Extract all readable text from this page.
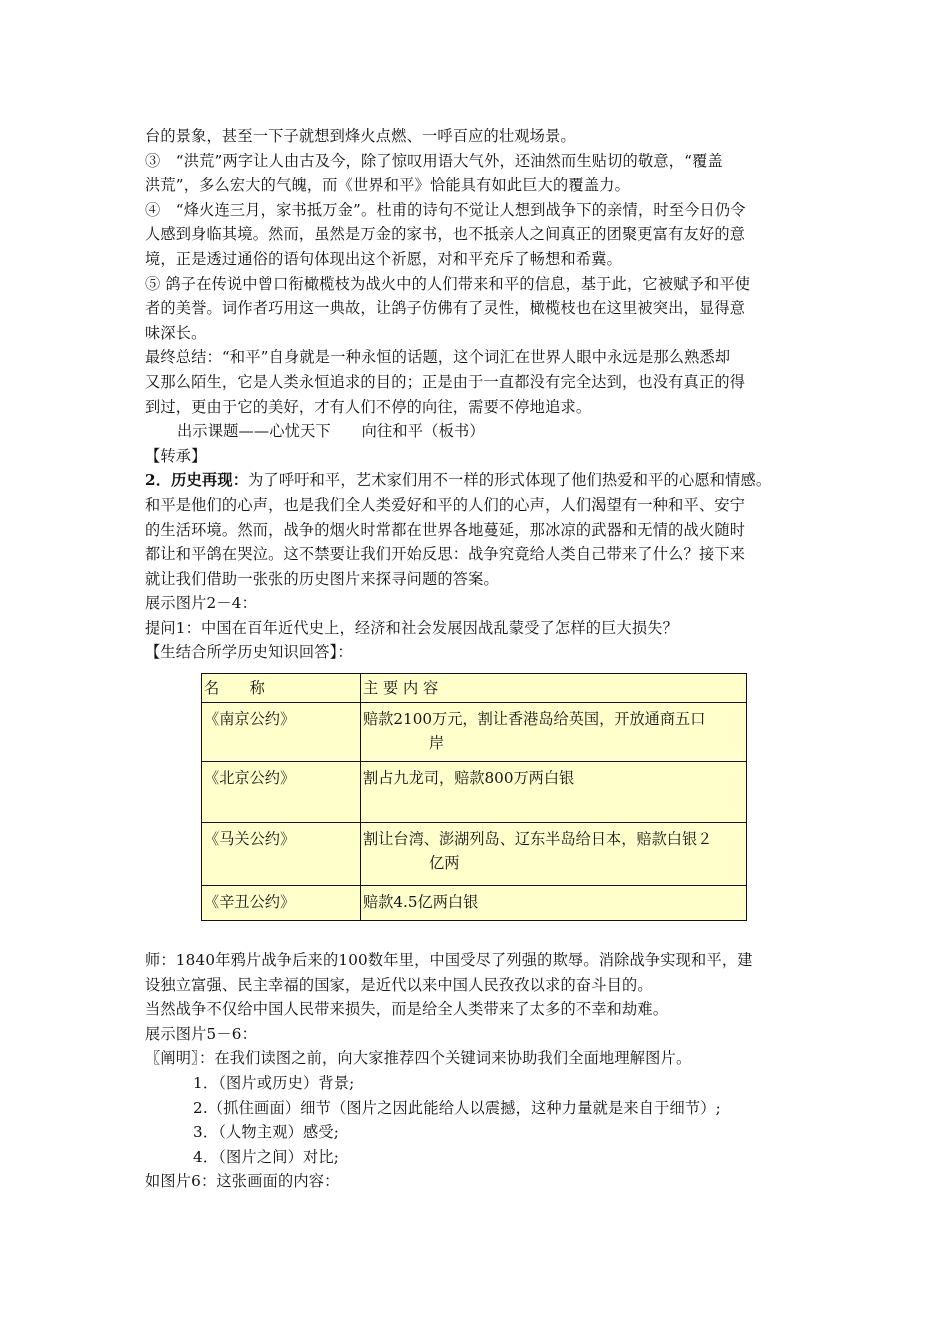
台的景象，甚至一下子就想到烽火点燃、一呼百应的壮观场景。
③　“洪荒”两字让人由古及今，除了惊叹用语大气外，还油然而生贴切的敬意，“覆盖
洪荒”，多么宏大的气魄，而《世界和平》恰能具有如此巨大的覆盖力。
④　“烽火连三月，家书抵万金”。杜甫的诗句不觉让人想到战争下的亲情，时至今日仍令
人感到身临其境。然而，虽然是万金的家书，也不抵亲人之间真正的团聚更富有友好的意
境，正是透过通俗的语句体现出这个祈愿，对和平充斥了畅想和希冀。
⑤ 鸽子在传说中曾口衔橄榄枝为战火中的人们带来和平的信息，基于此，它被赋予和平使
者的美誉。词作者巧用这一典故，让鸽子仿佛有了灵性，橄榄枝也在这里被突出，显得意
味深长。
最终总结：“和平”自身就是一种永恒的话题，这个词汇在世界人眼中永远是那么熟悉却
又那么陌生，它是人类永恒追求的目的；正是由于一直都没有完全达到，也没有真正的得
到过，更由于它的美好，才有人们不停的向往，需要不停地追求。
出示课题——心忧天下　　向往和平（板书）
【转承】
2．历史再现：为了呼吁和平，艺术家们用不一样的形式体现了他们热爱和平的心愿和情感。
和平是他们的心声，也是我们全人类爱好和平的人们的心声，人们渴望有一种和平、安宁
的生活环境。然而，战争的烟火时常都在世界各地蔓延，那冰凉的武器和无情的战火随时
都让和平鸽在哭泣。这不禁要让我们开始反思：战争究竟给人类自己带来了什么？接下来
就让我们借助一张张的历史图片来探寻问题的答案。
展示图片2－4：
提问1：中国在百年近代史上，经济和社会发展因战乱蒙受了怎样的巨大损失？
【生结合所学历史知识回答】：
名　　称	主 要 内 容
《南京公约》	赔款2100万元，割让香港岛给英国，开放通商五口
岸

《北京公约》	割占九龙司，赔款800万两白银

《马关公约》	割让台湾、澎湖列岛、辽东半岛给日本，赔款白银２
亿两

《辛丑公约》	赔款4.5亿两白银
师：1840年鸦片战争后来的100数年里，中国受尽了列强的欺辱。消除战争实现和平，建
设独立富强、民主幸福的国家，是近代以来中国人民孜孜以求的奋斗目的。
当然战争不仅给中国人民带来损失，而是给全人类带来了太多的不幸和劫难。
展示图片5－6：
〖阐明〗：在我们读图之前，向大家推荐四个关键词来协助我们全面地理解图片。
1．（图片或历史）背景;
2.（抓住画面）细节（图片之因此能给人以震撼，这种力量就是来自于细节）;
3．（人物主观）感受;
4．（图片之间）对比;
如图片6：这张画面的内容：
